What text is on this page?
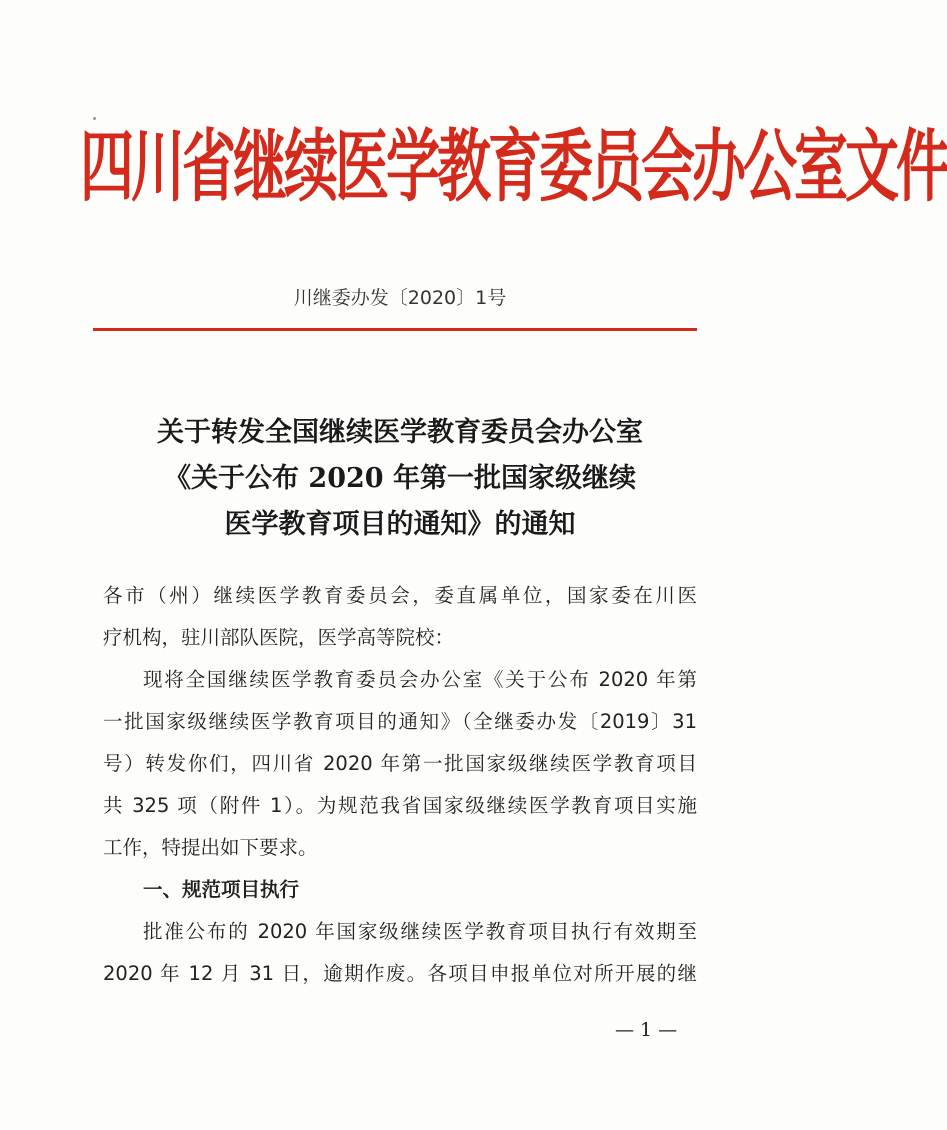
四川省继续医学教育委员会办公室文件
川继委办发〔2020〕1号
关于转发全国继续医学教育委员会办公室
《关于公布 2020 年第一批国家级继续
医学教育项目的通知》的通知
各市（州）继续医学教育委员会，委直属单位，国家委在川医
疗机构，驻川部队医院，医学高等院校：
现将全国继续医学教育委员会办公室《关于公布 2020 年第
一批国家级继续医学教育项目的通知》（全继委办发〔2019〕31
号）转发你们，四川省 2020 年第一批国家级继续医学教育项目
共 325 项（附件 1）。为规范我省国家级继续医学教育项目实施
工作，特提出如下要求。
一、规范项目执行
批准公布的 2020 年国家级继续医学教育项目执行有效期至
2020 年 12 月 31 日，逾期作废。各项目申报单位对所开展的继
— 1 —
